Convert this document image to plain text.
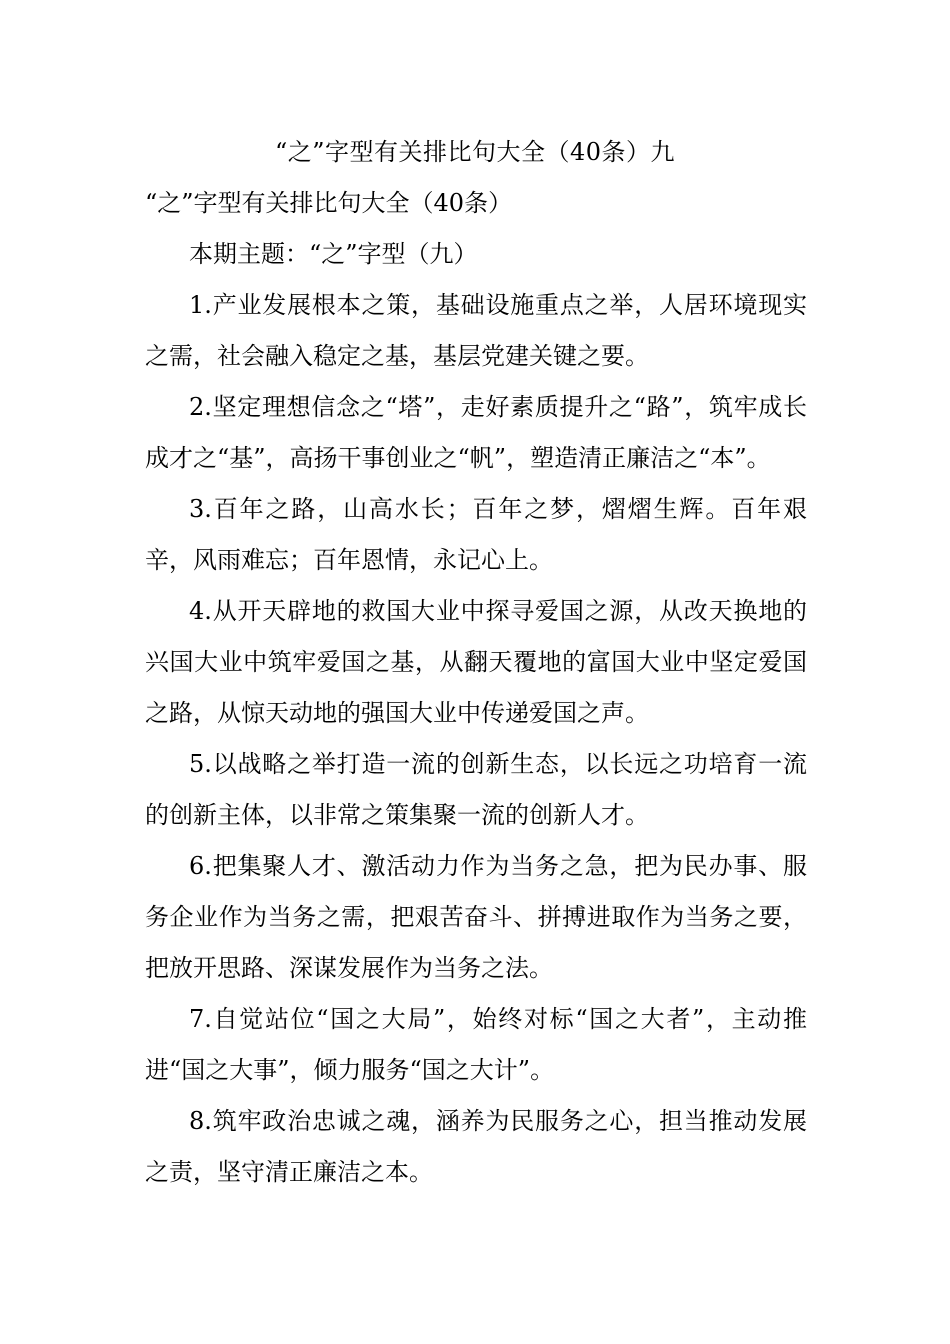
“之”字型有关排比句大全（40条）九

“之”字型有关排比句大全（40条）

本期主题：“之”字型（九）

1.产业发展根本之策，基础设施重点之举，人居环境现实之需，社会融入稳定之基，基层党建关键之要。

2.坚定理想信念之“塔”，走好素质提升之“路”，筑牢成长成才之“基”，高扬干事创业之“帆”，塑造清正廉洁之“本”。

3.百年之路，山高水长；百年之梦，熠熠生辉。百年艰辛，风雨难忘；百年恩情，永记心上。

4.从开天辟地的救国大业中探寻爱国之源，从改天换地的兴国大业中筑牢爱国之基，从翻天覆地的富国大业中坚定爱国之路，从惊天动地的强国大业中传递爱国之声。

5.以战略之举打造一流的创新生态，以长远之功培育一流的创新主体，以非常之策集聚一流的创新人才。

6.把集聚人才、激活动力作为当务之急，把为民办事、服务企业作为当务之需，把艰苦奋斗、拼搏进取作为当务之要，把放开思路、深谋发展作为当务之法。

7.自觉站位“国之大局”，始终对标“国之大者”，主动推进“国之大事”，倾力服务“国之大计”。

8.筑牢政治忠诚之魂，涵养为民服务之心，担当推动发展之责，坚守清正廉洁之本。
